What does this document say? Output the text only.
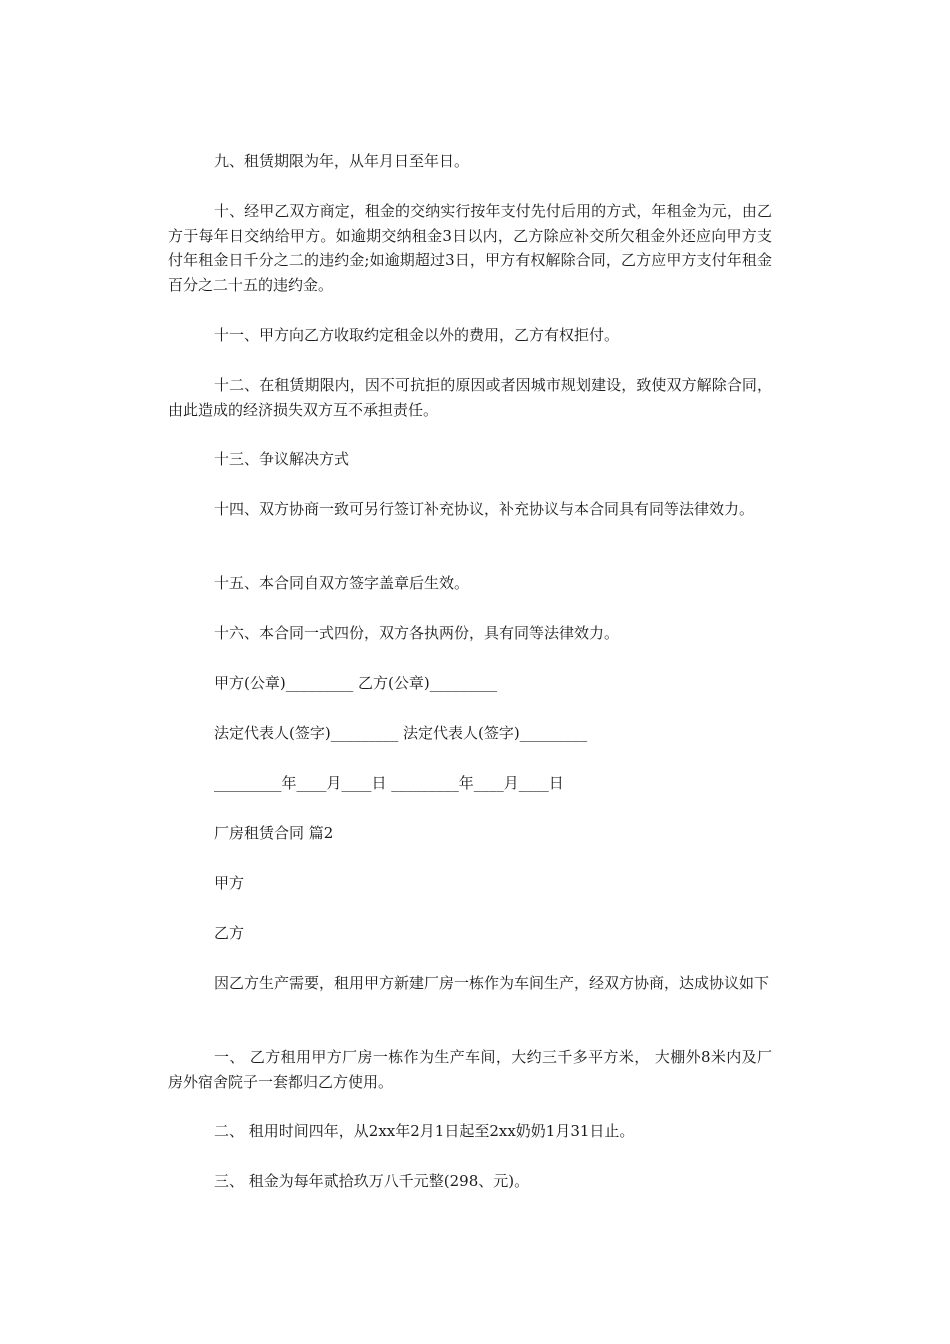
九、租赁期限为年，从年月日至年日。

十、经甲乙双方商定，租金的交纳实行按年支付先付后用的方式，年租金为元，由乙方于每年日交纳给甲方。如逾期交纳租金3日以内，乙方除应补交所欠租金外还应向甲方支付年租金日千分之二的违约金;如逾期超过3日，甲方有权解除合同，乙方应甲方支付年租金百分之二十五的违约金。

十一、甲方向乙方收取约定租金以外的费用，乙方有权拒付。

十二、在租赁期限内，因不可抗拒的原因或者因城市规划建设，致使双方解除合同，由此造成的经济损失双方互不承担责任。

十三、争议解决方式

十四、双方协商一致可另行签订补充协议，补充协议与本合同具有同等法律效力。

十五、本合同自双方签字盖章后生效。

十六、本合同一式四份，双方各执两份，具有同等法律效力。

甲方(公章)_________ 乙方(公章)_________

法定代表人(签字)_________ 法定代表人(签字)_________

_________年____月____日 _________年____月____日

厂房租赁合同 篇2

甲方

乙方

因乙方生产需要，租用甲方新建厂房一栋作为车间生产，经双方协商，达成协议如下

一、 乙方租用甲方厂房一栋作为生产车间，大约三千多平方米， 大棚外8米内及厂房外宿舍院子一套都归乙方使用。

二、 租用时间四年，从2xx年2月1日起至2xx奶奶1月31日止。

三、 租金为每年贰拾玖万八千元整(298、元)。
